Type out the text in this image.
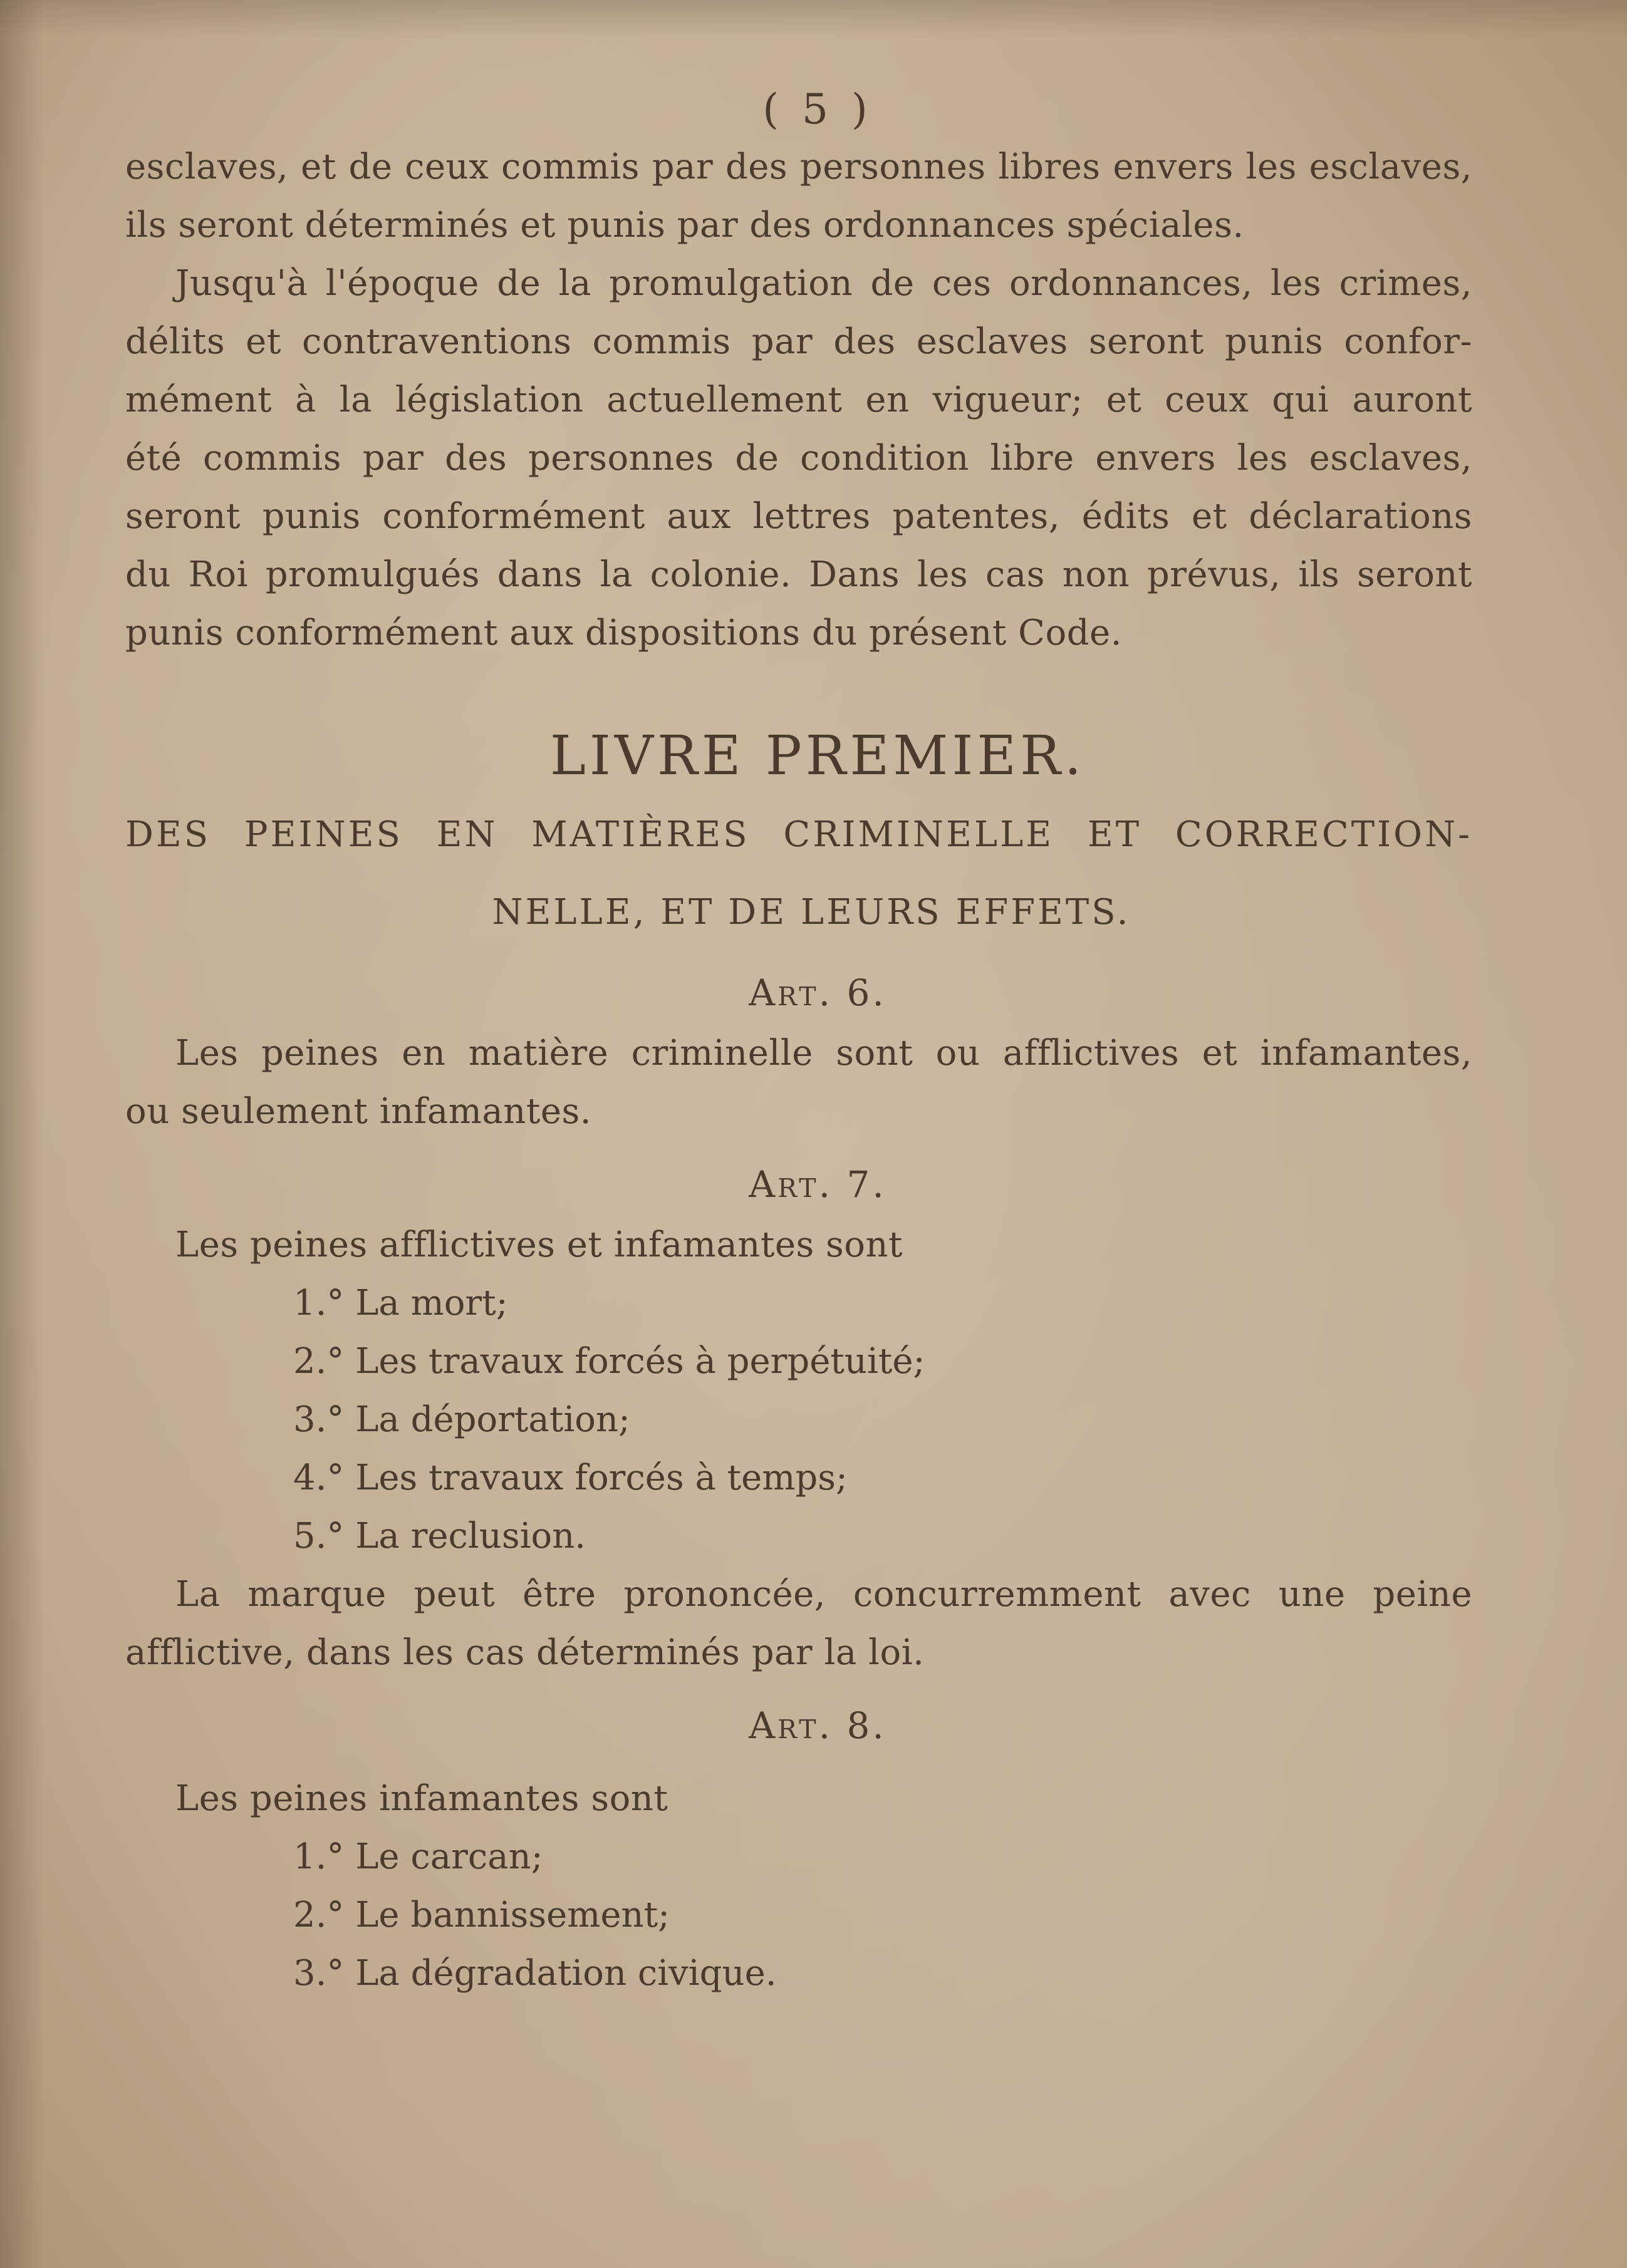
( 5 )
esclaves, et de ceux commis par des personnes libres envers les esclaves,
ils seront déterminés et punis par des ordonnances spéciales.
Jusqu'à l'époque de la promulgation de ces ordonnances, les crimes,
délits et contraventions commis par des esclaves seront punis confor-
mément à la législation actuellement en vigueur; et ceux qui auront
été commis par des personnes de condition libre envers les esclaves,
seront punis conformément aux lettres patentes, édits et déclarations
du Roi promulgués dans la colonie. Dans les cas non prévus, ils seront
punis conformément aux dispositions du présent Code.
LIVRE PREMIER.
DES PEINES EN MATIÈRES CRIMINELLE ET CORRECTION-
NELLE, ET DE LEURS EFFETS.
Art. 6.
Les peines en matière criminelle sont ou afflictives et infamantes,
ou seulement infamantes.
Art. 7.
Les peines afflictives et infamantes sont
1.° La mort;
2.° Les travaux forcés à perpétuité;
3.° La déportation;
4.° Les travaux forcés à temps;
5.° La reclusion.
La marque peut être prononcée, concurremment avec une peine
afflictive, dans les cas déterminés par la loi.
Art. 8.
Les peines infamantes sont
1.° Le carcan;
2.° Le bannissement;
3.° La dégradation civique.
